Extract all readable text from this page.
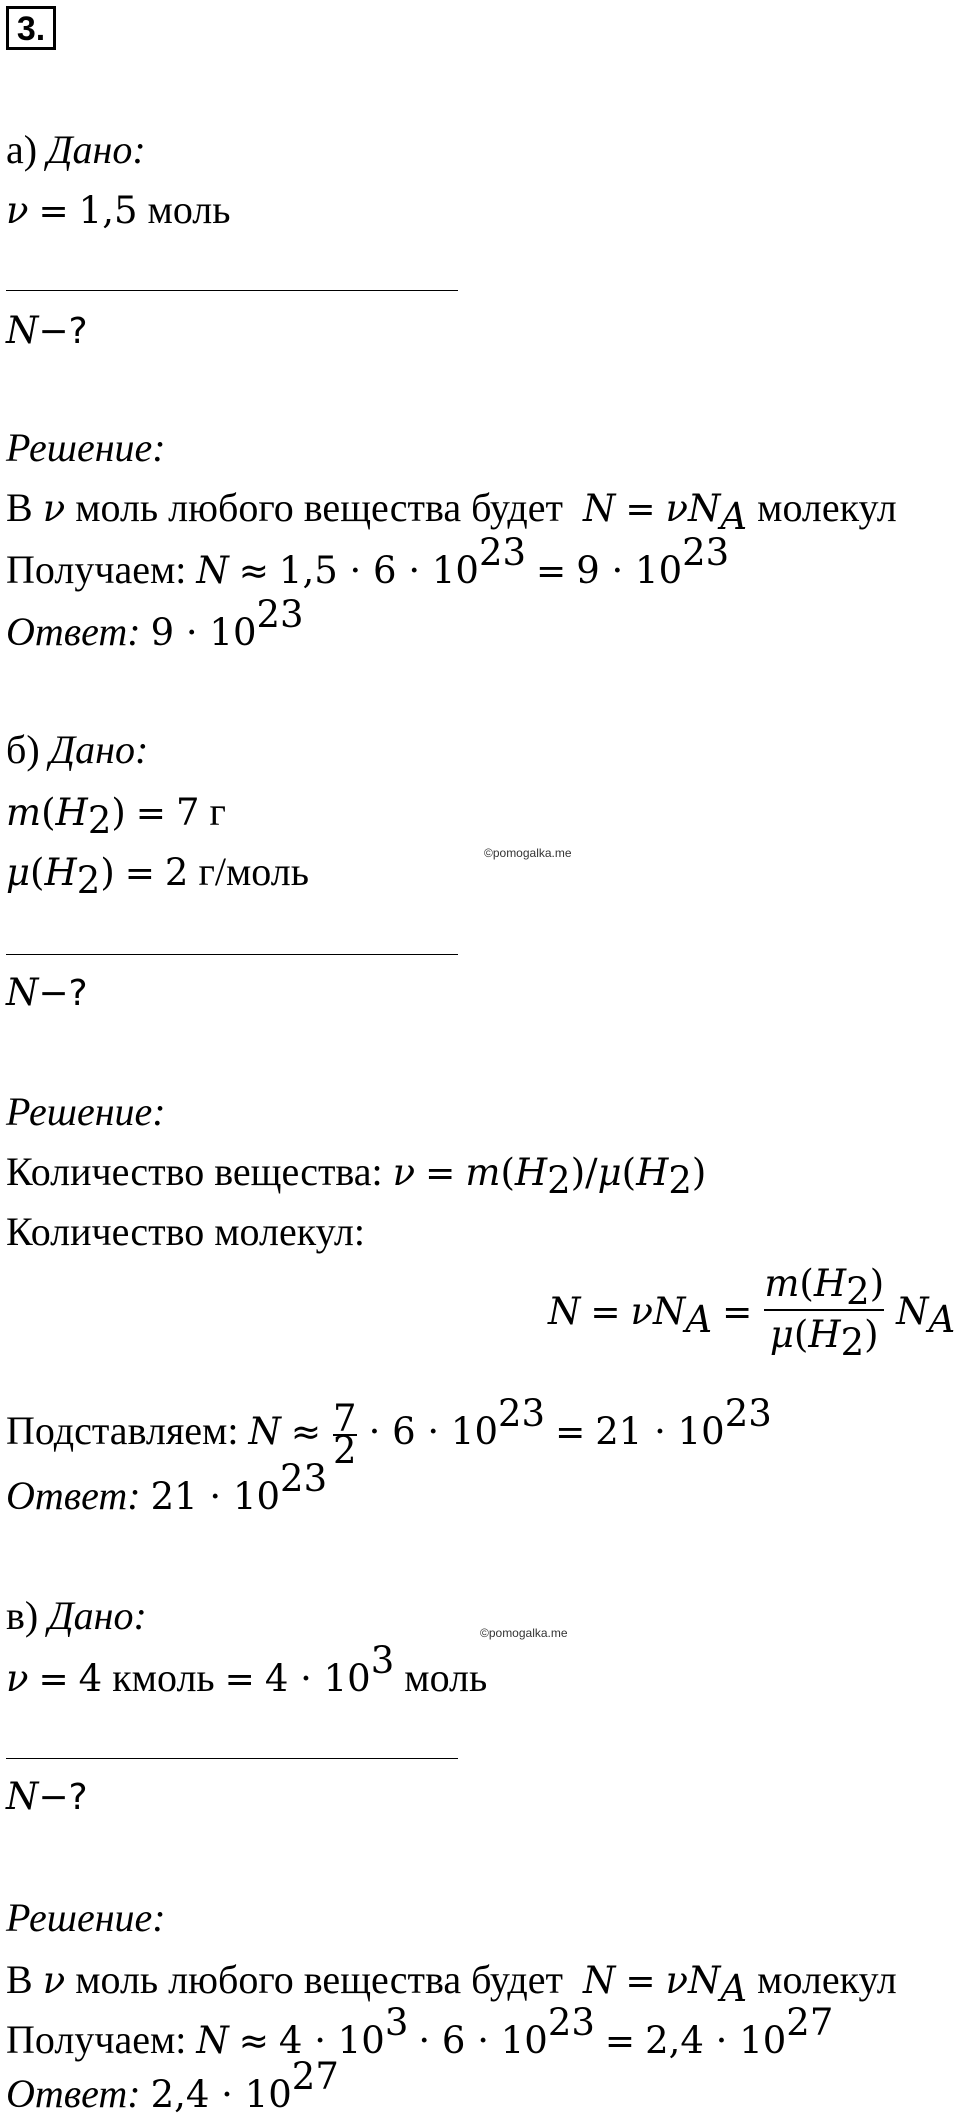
3.
а) Дано:
ν = 1,5 моль
N−?
Решение:
В ν моль любого вещества будет  $N = \nu N_A$ молекул
Получаем: $N \approx 1,5 \cdot 6 \cdot 10^{23} = 9 \cdot 10^{23}$
Ответ: $9 \cdot 10^{23}$
б) Дано:
$m(H_2) = 7$ г
$\mu(H_2) = 2$ г/моль	©pomogalka.me
N−?
Решение:
Количество вещества: $\nu = m(H_2)/\mu(H_2)$
Количество молекул:
$N = \nu N_A = \frac{m(H_2)}{\mu(H_2)} N_A$
Подставляем: $N \approx \frac{7}{2} \cdot 6 \cdot 10^{23} = 21 \cdot 10^{23}$
Ответ: $21 \cdot 10^{23}$
в) Дано:	©pomogalka.me
ν = 4 кмоль = $4 \cdot 10^3$ моль
N−?
Решение:
В ν моль любого вещества будет  $N = \nu N_A$ молекул
Получаем: $N \approx 4 \cdot 10^3 \cdot 6 \cdot 10^{23} = 2,4 \cdot 10^{27}$
Ответ: $2,4 \cdot 10^{27}$
